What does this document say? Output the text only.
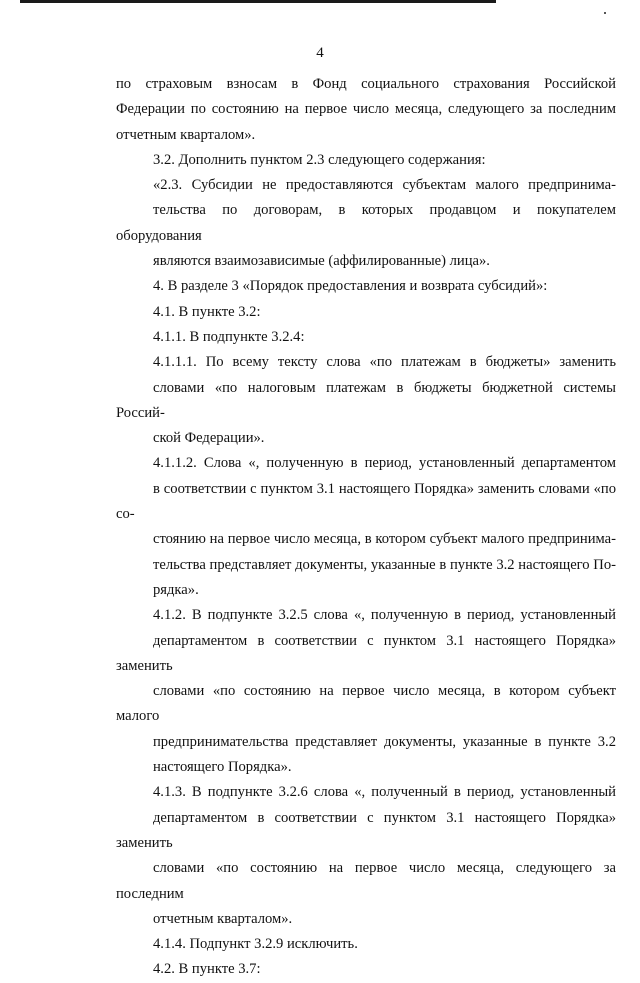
4

по страховым взносам в Фонд социального страхования Российской
Федерации по состоянию на первое число месяца, следующего за последним
отчетным кварталом».

3.2. Дополнить пунктом 2.3 следующего содержания:

«2.3. Субсидии не предоставляются субъектам малого предпринима-
тельства по договорам, в которых продавцом и покупателем оборудования
являются взаимозависимые (аффилированные) лица».

4. В разделе 3 «Порядок предоставления и возврата субсидий»:

4.1. В пункте 3.2:

4.1.1. В подпункте 3.2.4:

4.1.1.1. По всему тексту слова «по платежам в бюджеты» заменить
словами «по налоговым платежам в бюджеты бюджетной системы Россий-
ской Федерации».

4.1.1.2. Слова «, полученную в период, установленный департаментом
в соответствии с пунктом 3.1 настоящего Порядка» заменить словами «по со-
стоянию на первое число месяца, в котором субъект малого предпринима-
тельства представляет документы, указанные в пункте 3.2 настоящего По-
рядка».

4.1.2. В подпункте 3.2.5 слова «, полученную в период, установленный
департаментом в соответствии с пунктом 3.1 настоящего Порядка» заменить
словами «по состоянию на первое число месяца, в котором субъект малого
предпринимательства представляет документы, указанные в пункте 3.2
настоящего Порядка».

4.1.3. В подпункте 3.2.6 слова «, полученный в период, установленный
департаментом в соответствии с пунктом 3.1 настоящего Порядка» заменить
словами «по состоянию на первое число месяца, следующего за последним
отчетным кварталом».

4.1.4. Подпункт 3.2.9 исключить.

4.2. В пункте 3.7:
